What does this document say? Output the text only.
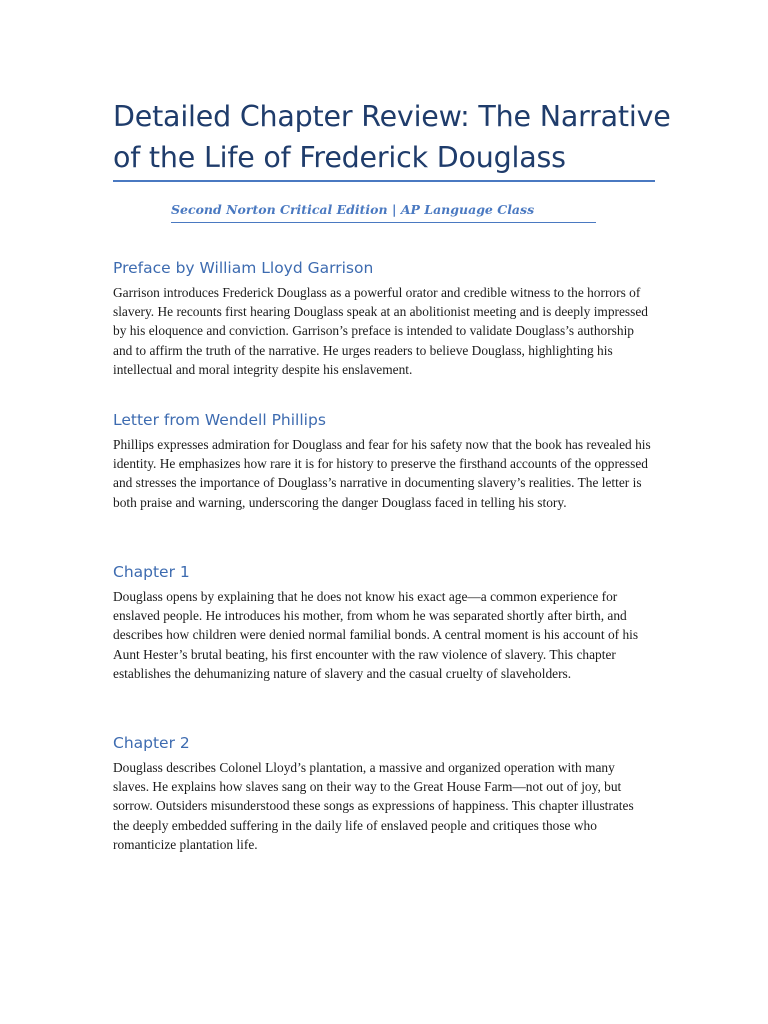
Detailed Chapter Review: The Narrative of the Life of Frederick Douglass
Second Norton Critical Edition | AP Language Class
Preface by William Lloyd Garrison

Garrison introduces Frederick Douglass as a powerful orator and credible witness to the horrors of slavery. He recounts first hearing Douglass speak at an abolitionist meeting and is deeply impressed by his eloquence and conviction. Garrison’s preface is intended to validate Douglass’s authorship and to affirm the truth of the narrative. He urges readers to believe Douglass, highlighting his intellectual and moral integrity despite his enslavement.

Letter from Wendell Phillips

Phillips expresses admiration for Douglass and fear for his safety now that the book has revealed his identity. He emphasizes how rare it is for history to preserve the firsthand accounts of the oppressed and stresses the importance of Douglass’s narrative in documenting slavery’s realities. The letter is both praise and warning, underscoring the danger Douglass faced in telling his story.

Chapter 1

Douglass opens by explaining that he does not know his exact age—a common experience for enslaved people. He introduces his mother, from whom he was separated shortly after birth, and describes how children were denied normal familial bonds. A central moment is his account of his Aunt Hester’s brutal beating, his first encounter with the raw violence of slavery. This chapter establishes the dehumanizing nature of slavery and the casual cruelty of slaveholders.

Chapter 2

Douglass describes Colonel Lloyd’s plantation, a massive and organized operation with many slaves. He explains how slaves sang on their way to the Great House Farm—not out of joy, but sorrow. Outsiders misunderstood these songs as expressions of happiness. This chapter illustrates the deeply embedded suffering in the daily life of enslaved people and critiques those who romanticize plantation life.
